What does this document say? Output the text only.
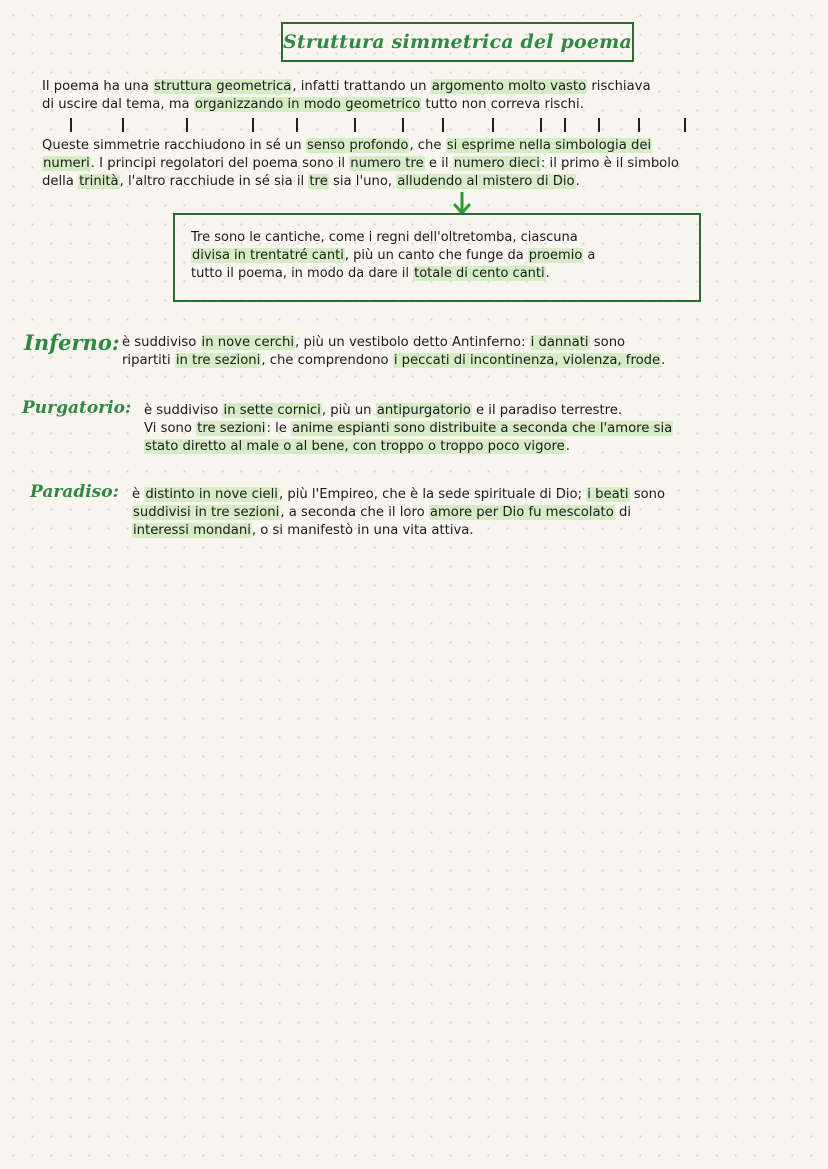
Struttura simmetrica del poema
Il poema ha una struttura geometrica, infatti trattando un argomento molto vasto rischiava
di uscire dal tema, ma organizzando in modo geometrico tutto non correva rischi.
Queste simmetrie racchiudono in sé un senso profondo, che si esprime nella simbologia dei
numeri. I principi regolatori del poema sono il numero tre e il numero dieci: il primo è il simbolo
della trinità, l'altro racchiude in sé sia il tre sia l'uno, alludendo al mistero di Dio.
Tre sono le cantiche, come i regni dell'oltretomba, ciascuna
divisa in trentatré canti, più un canto che funge da proemio a
tutto il poema, in modo da dare il totale di cento canti.
Inferno: è suddiviso in nove cerchi, più un vestibolo detto Antinferno: i dannati sono
ripartiti in tre sezioni, che comprendono i peccati di incontinenza, violenza, frode.
Purgatorio: è suddiviso in sette cornici, più un antipurgatorio e il paradiso terrestre.
Vi sono tre sezioni: le anime espianti sono distribuite a seconda che l'amore sia
stato diretto al male o al bene, con troppo o troppo poco vigore.
Paradiso: è distinto in nove cieli, più l'Empireo, che è la sede spirituale di Dio; i beati sono
suddivisi in tre sezioni, a seconda che il loro amore per Dio fu mescolato di
interessi mondani, o si manifestò in una vita attiva.
